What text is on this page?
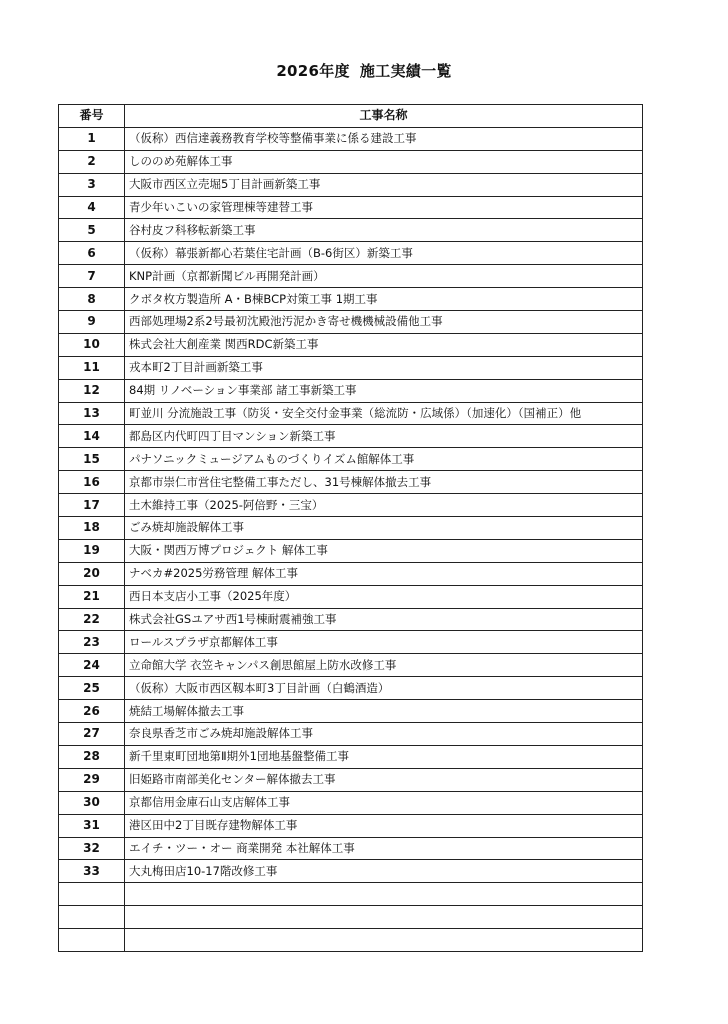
2026年度 施工実績一覧
番号	工事名称
1	（仮称）西信達義務教育学校等整備事業に係る建設工事
2	しののめ苑解体工事
3	大阪市西区立売堀5丁目計画新築工事
4	青少年いこいの家管理棟等建替工事
5	谷村皮フ科移転新築工事
6	（仮称）幕張新都心若葉住宅計画（B-6街区）新築工事
7	KNP計画（京都新聞ビル再開発計画）
8	クボタ枚方製造所 A・B棟BCP対策工事 1期工事
9	西部処理場2系2号最初沈殿池汚泥かき寄せ機機械設備他工事
10	株式会社大創産業 関西RDC新築工事
11	戎本町2丁目計画新築工事
12	84期 リノベーション事業部 諸工事新築工事
13	町並川 分流施設工事（防災・安全交付金事業（総流防・広域係）（加速化）（国補正）他
14	都島区内代町四丁目マンション新築工事
15	パナソニックミュージアムものづくりイズム館解体工事
16	京都市崇仁市営住宅整備工事ただし、31号棟解体撤去工事
17	土木維持工事（2025-阿倍野・三宝）
18	ごみ焼却施設解体工事
19	大阪・関西万博プロジェクト 解体工事
20	ナベカ#2025労務管理 解体工事
21	西日本支店小工事（2025年度）
22	株式会社GSユアサ西1号棟耐震補強工事
23	ロールスプラザ京都解体工事
24	立命館大学 衣笠キャンパス創思館屋上防水改修工事
25	（仮称）大阪市西区靱本町3丁目計画（白鶴酒造）
26	焼結工場解体撤去工事
27	奈良県香芝市ごみ焼却施設解体工事
28	新千里東町団地第Ⅱ期外1団地基盤整備工事
29	旧姫路市南部美化センター解体撤去工事
30	京都信用金庫石山支店解体工事
31	港区田中2丁目既存建物解体工事
32	エイチ・ツー・オー 商業開発 本社解体工事
33	大丸梅田店10-17階改修工事
